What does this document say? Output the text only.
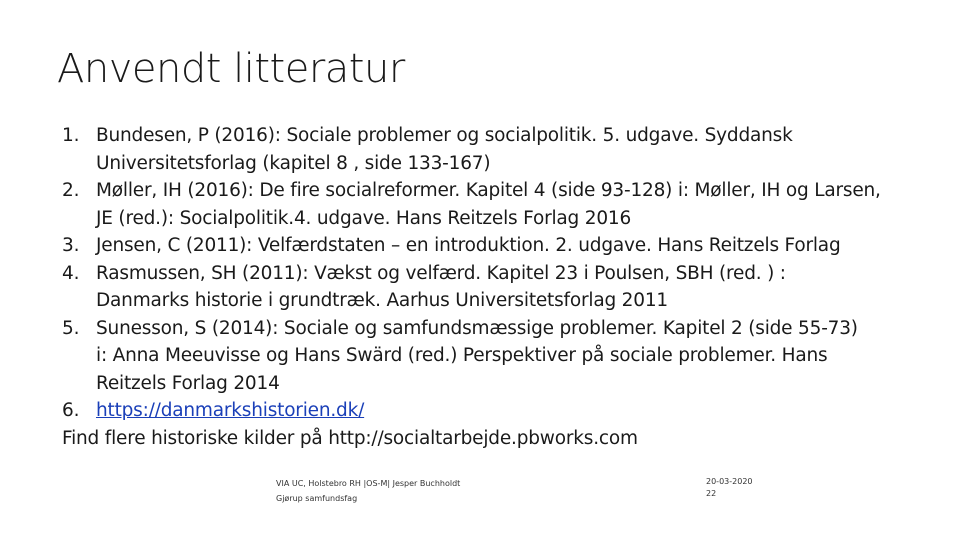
Anvendt litteratur
1. Bundesen, P (2016): Sociale problemer og socialpolitik. 5. udgave. Syddansk
Universitetsforlag (kapitel 8 , side 133-167)
2. Møller, IH (2016): De fire socialreformer. Kapitel 4 (side 93-128) i: Møller, IH og Larsen,
JE (red.): Socialpolitik.4. udgave. Hans Reitzels Forlag 2016
3. Jensen, C (2011): Velfærdstaten – en introduktion. 2. udgave. Hans Reitzels Forlag
4. Rasmussen, SH (2011): Vækst og velfærd. Kapitel 23 i Poulsen, SBH (red. ) :
Danmarks historie i grundtræk. Aarhus Universitetsforlag 2011
5. Sunesson, S (2014): Sociale og samfundsmæssige problemer. Kapitel 2 (side 55-73)
i: Anna Meeuvisse og Hans Swärd (red.) Perspektiver på sociale problemer. Hans
Reitzels Forlag 2014
6. https://danmarkshistorien.dk/
Find flere historiske kilder på http://socialtarbejde.pbworks.com
VIA UC, Holstebro RH |OS-M| Jesper Buchholdt
Gjørup samfundsfag
20-03-2020
22
